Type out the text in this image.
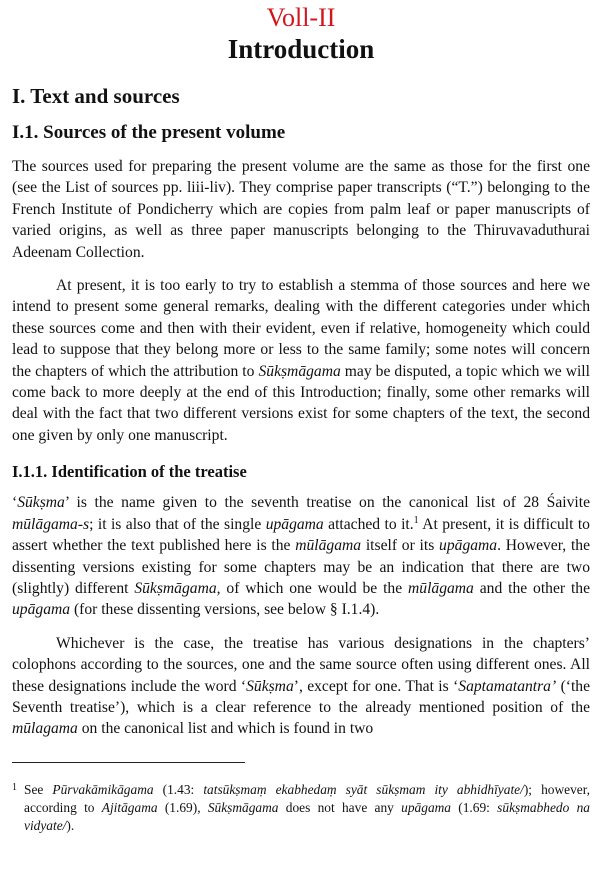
Voll-II
Introduction
I. Text and sources
I.1. Sources of the present volume

The sources used for preparing the present volume are the same as those for the first one (see the List of sources pp. liii-liv). They comprise paper transcripts (“T.”) belonging to the French Institute of Pondicherry which are copies from palm leaf or paper manuscripts of varied origins, as well as three paper manuscripts belonging to the Thiruvavaduthurai Adeenam Collection.

At present, it is too early to try to establish a stemma of those sources and here we intend to present some general remarks, dealing with the different categories under which these sources come and then with their evident, even if relative, homogeneity which could lead to suppose that they belong more or less to the same family; some notes will concern the chapters of which the attribution to Sūkṣmāgama may be disputed, a topic which we will come back to more deeply at the end of this Introduction; finally, some other remarks will deal with the fact that two different versions exist for some chapters of the text, the second one given by only one manuscript.

I.1.1. Identification of the treatise

‘Sūkṣma’ is the name given to the seventh treatise on the canonical list of 28 Śaivite mūlāgama-s; it is also that of the single upāgama attached to it.$^1$ At present, it is difficult to assert whether the text published here is the mūlāgama itself or its upāgama. However, the dissenting versions existing for some chapters may be an indication that there are two (slightly) different Sūkṣmāgama, of which one would be the mūlāgama and the other the upāgama (for these dissenting versions, see below § I.1.4).

Whichever is the case, the treatise has various designations in the chapters’ colophons according to the sources, one and the same source often using different ones. All these designations include the word ‘Sūkṣma’, except for one. That is ‘Saptamatantra’ (‘the Seventh treatise’), which is a clear reference to the already mentioned position of the mūlagama on the canonical list and which is found in two

1 See Pūrvakāmikāgama (1.43: tatsūkṣmaṃ ekabhedaṃ syāt sūkṣmam ity abhidhīyate/); however, according to Ajitāgama (1.69), Sūkṣmāgama does not have any upāgama (1.69: sūkṣmabhedo na vidyate/).
